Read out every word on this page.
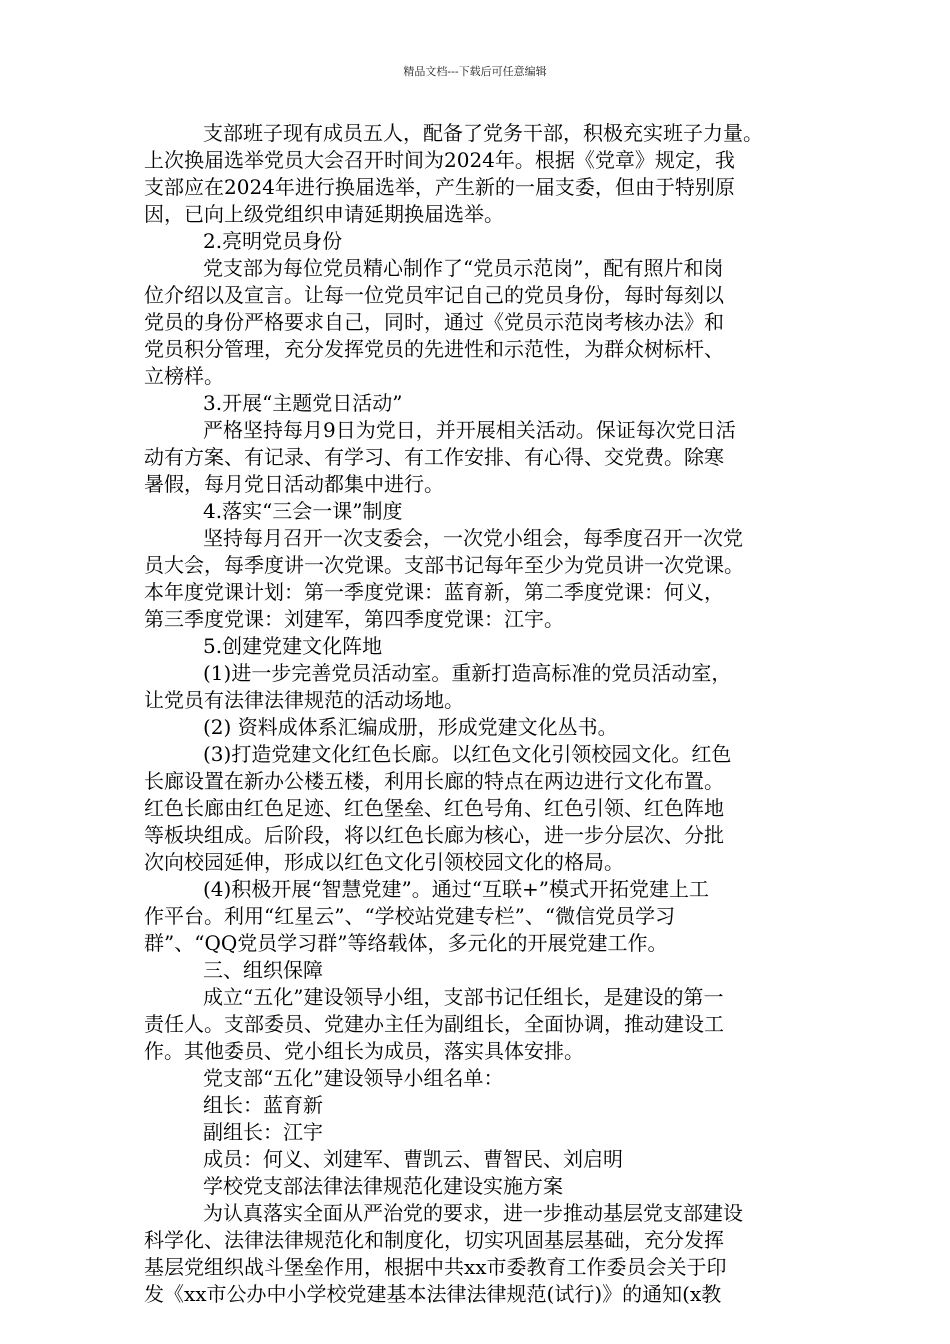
精品文档---下载后可任意编辑
支部班子现有成员五人，配备了党务干部，积极充实班子力量。
上次换届选举党员大会召开时间为2024年。根据《党章》规定，我
支部应在2024年进行换届选举，产生新的一届支委，但由于特别原
因，已向上级党组织申请延期换届选举。
2.亮明党员身份
党支部为每位党员精心制作了“党员示范岗”，配有照片和岗
位介绍以及宣言。让每一位党员牢记自己的党员身份，每时每刻以
党员的身份严格要求自己，同时，通过《党员示范岗考核办法》和
党员积分管理，充分发挥党员的先进性和示范性，为群众树标杆、
立榜样。
3.开展“主题党日活动”
严格坚持每月9日为党日，并开展相关活动。保证每次党日活
动有方案、有记录、有学习、有工作安排、有心得、交党费。除寒
暑假，每月党日活动都集中进行。
4.落实“三会一课”制度
坚持每月召开一次支委会，一次党小组会，每季度召开一次党
员大会，每季度讲一次党课。支部书记每年至少为党员讲一次党课。
本年度党课计划：第一季度党课：蓝育新，第二季度党课：何义，
第三季度党课：刘建军，第四季度党课：江宇。
5.创建党建文化阵地
(1)进一步完善党员活动室。重新打造高标准的党员活动室，
让党员有法律法律规范的活动场地。
(2) 资料成体系汇编成册，形成党建文化丛书。
(3)打造党建文化红色长廊。以红色文化引领校园文化。红色
长廊设置在新办公楼五楼，利用长廊的特点在两边进行文化布置。
红色长廊由红色足迹、红色堡垒、红色号角、红色引领、红色阵地
等板块组成。后阶段，将以红色长廊为核心，进一步分层次、分批
次向校园延伸，形成以红色文化引领校园文化的格局。
(4)积极开展“智慧党建”。通过“互联+”模式开拓党建上工
作平台。利用“红星云”、“学校站党建专栏”、“微信党员学习
群”、“QQ党员学习群”等络载体，多元化的开展党建工作。
三、组织保障
成立“五化”建设领导小组，支部书记任组长，是建设的第一
责任人。支部委员、党建办主任为副组长，全面协调，推动建设工
作。其他委员、党小组长为成员，落实具体安排。
党支部“五化”建设领导小组名单：
组长：蓝育新
副组长：江宇
成员：何义、刘建军、曹凯云、曹智民、刘启明
学校党支部法律法律规范化建设实施方案
为认真落实全面从严治党的要求，进一步推动基层党支部建设
科学化、法律法律规范化和制度化，切实巩固基层基础，充分发挥
基层党组织战斗堡垒作用，根据中共xx市委教育工作委员会关于印
发《xx市公办中小学校党建基本法律法律规范(试行)》的通知(x教
